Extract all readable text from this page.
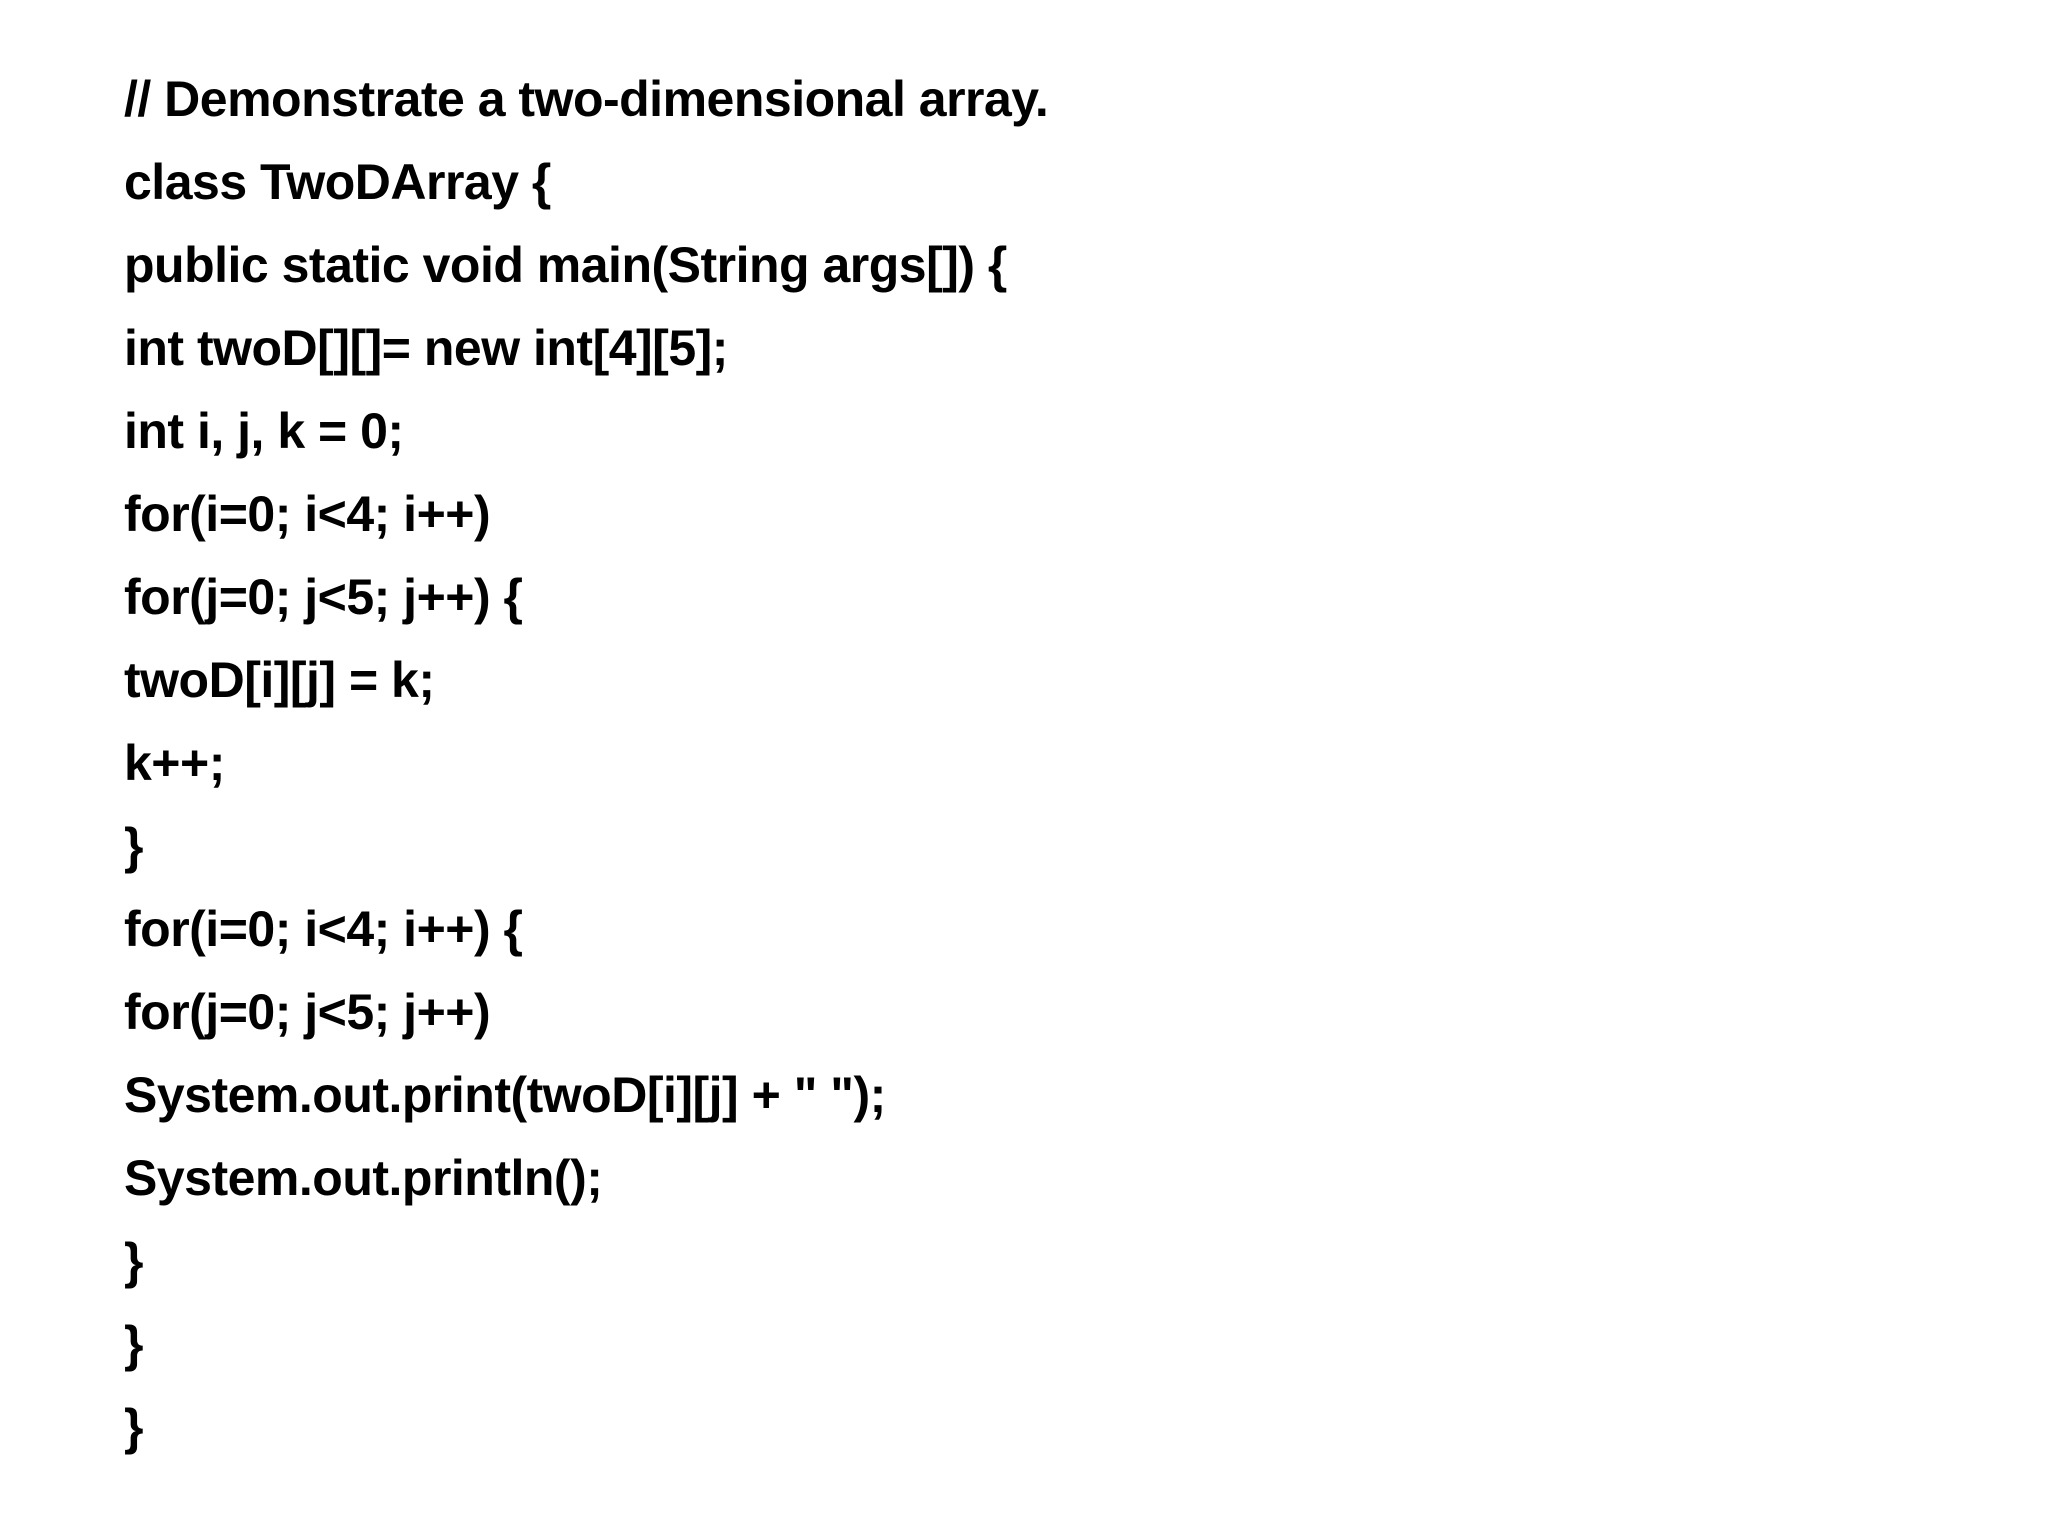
// Demonstrate a two-dimensional array.
class TwoDArray {
public static void main(String args[]) {
int twoD[][]= new int[4][5];
int i, j, k = 0;
for(i=0; i<4; i++)
for(j=0; j<5; j++) {
twoD[i][j] = k;
k++;
}
for(i=0; i<4; i++) {
for(j=0; j<5; j++)
System.out.print(twoD[i][j] + " ");
System.out.println();
}
}
}
